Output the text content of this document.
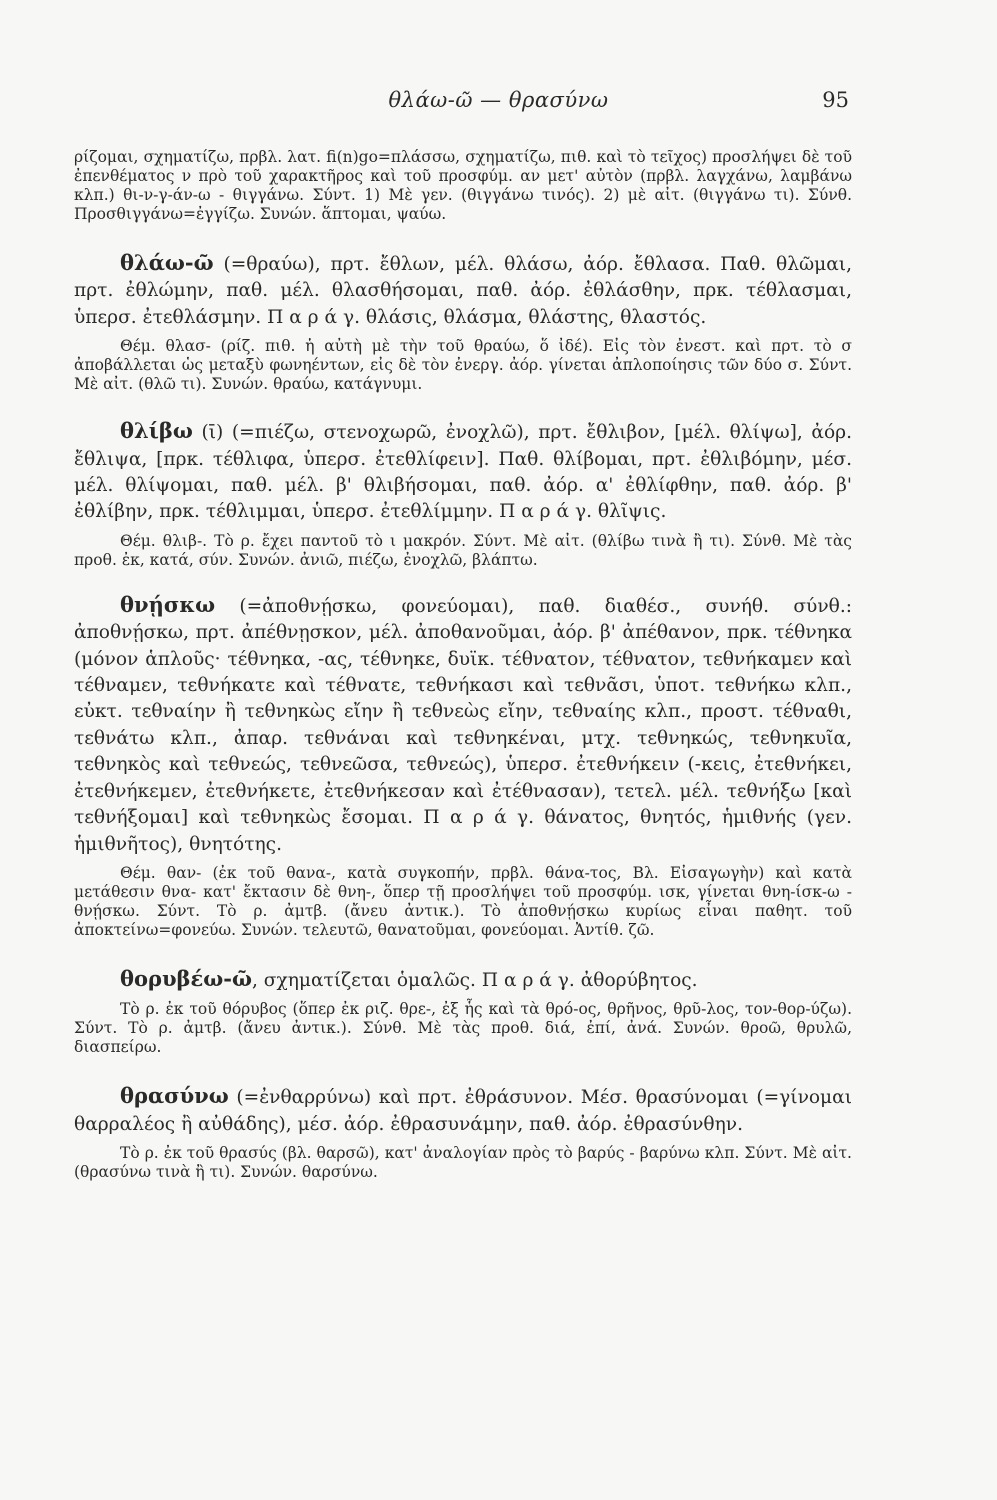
θλάω-ῶ — θρασύνω	95

ρίζομαι, σχηματίζω, πρβλ. λατ. fi(n)go=πλάσσω, σχηματίζω, πιθ. καὶ τὸ τεῖχος) προσλήψει δὲ τοῦ ἐπενθέματος ν πρὸ τοῦ χαρακτῆρος καὶ τοῦ προσφύμ. αν μετ' αὐτὸν (πρβλ. λαγχάνω, λαμβάνω κλπ.) θι-ν-γ-άν-ω - θιγγάνω. Σύντ. 1) Μὲ γεν. (θιγγάνω τινός). 2) μὲ αἰτ. (θιγγάνω τι). Σύνθ. Προσθιγγάνω=ἐγγίζω. Συνών. ἅπτομαι, ψαύω.

θλάω-ῶ (=θραύω), πρτ. ἔθλων, μέλ. θλάσω, ἀόρ. ἔθλασα. Παθ. θλῶμαι, πρτ. ἐθλώμην, παθ. μέλ. θλασθήσομαι, παθ. ἀόρ. ἐθλάσθην, πρκ. τέθλασμαι, ὑπερσ. ἐτεθλάσμην. Π α ρ ά γ. θλάσις, θλάσμα, θλάστης, θλαστός.

Θέμ. θλασ- (ρίζ. πιθ. ἡ αὐτὴ μὲ τὴν τοῦ θραύω, ὅ ἰδέ). Εἰς τὸν ἐνεστ. καὶ πρτ. τὸ σ ἀποβάλλεται ὡς μεταξὺ φωνηέντων, εἰς δὲ τὸν ἐνεργ. ἀόρ. γίνεται ἀπλοποίησις τῶν δύο σ. Σύντ. Μὲ αἰτ. (θλῶ τι). Συνών. θραύω, κατάγνυμι.

θλίβω (ῑ) (=πιέζω, στενοχωρῶ, ἐνοχλῶ), πρτ. ἔθλιβον, [μέλ. θλίψω], ἀόρ. ἔθλιψα, [πρκ. τέθλιφα, ὑπερσ. ἐτεθλίφειν]. Παθ. θλίβομαι, πρτ. ἐθλιβόμην, μέσ. μέλ. θλίψομαι, παθ. μέλ. β' θλιβήσομαι, παθ. ἀόρ. α' ἐθλίφθην, παθ. ἀόρ. β' ἐθλίβην, πρκ. τέθλιμμαι, ὑπερσ. ἐτεθλίμμην. Π α ρ ά γ. θλῖψις.

Θέμ. θλιβ-. Τὸ ρ. ἔχει παντοῦ τὸ ι μακρόν. Σύντ. Μὲ αἰτ. (θλίβω τινὰ ἢ τι). Σύνθ. Μὲ τὰς προθ. ἐκ, κατά, σύν. Συνών. ἀνιῶ, πιέζω, ἐνοχλῶ, βλάπτω.

θνῄσκω (=ἀποθνῄσκω, φονεύομαι), παθ. διαθέσ., συνήθ. σύνθ.: ἀποθνῄσκω, πρτ. ἀπέθνῃσκον, μέλ. ἀποθανοῦμαι, ἀόρ. β' ἀπέθανον, πρκ. τέθνηκα (μόνον ἁπλοῦς· τέθνηκα, -ας, τέθνηκε, δυϊκ. τέθνατον, τέθνατον, τεθνήκαμεν καὶ τέθναμεν, τεθνήκατε καὶ τέθνατε, τεθνήκασι καὶ τεθνᾶσι, ὑποτ. τεθνήκω κλπ., εὐκτ. τεθναίην ἢ τεθνηκὼς εἴην ἢ τεθνεὼς εἴην, τεθναίης κλπ., προστ. τέθναθι, τεθνάτω κλπ., ἀπαρ. τεθνάναι καὶ τεθνηκέναι, μτχ. τεθνηκώς, τεθνηκυῖα, τεθνηκὸς καὶ τεθνεώς, τεθνεῶσα, τεθνεώς), ὑπερσ. ἐτεθνήκειν (-κεις, ἐτεθνήκει, ἐτεθνήκεμεν, ἐτεθνήκετε, ἐτεθνήκεσαν καὶ ἐτέθνασαν), τετελ. μέλ. τεθνήξω [καὶ τεθνήξομαι] καὶ τεθνηκὼς ἔσομαι. Π α ρ ά γ. θάνατος, θνητός, ἡμιθνής (γεν. ἡμιθνῆτος), θνητότης.

Θέμ. θαν- (ἐκ τοῦ θανα-, κατὰ συγκοπήν, πρβλ. θάνα-τος, Βλ. Εἰσαγωγὴν) καὶ κατὰ μετάθεσιν θνα- κατ' ἔκτασιν δὲ θνη-, ὅπερ τῇ προσλήψει τοῦ προσφύμ. ισκ, γίνεται θνη-ίσκ-ω - θνῄσκω. Σύντ. Τὸ ρ. ἀμτβ. (ἄνευ ἀντικ.). Τὸ ἀποθνῄσκω κυρίως εἶναι παθητ. τοῦ ἀποκτείνω=φονεύω. Συνών. τελευτῶ, θανατοῦμαι, φονεύομαι. Ἀντίθ. ζῶ.

θορυβέω-ῶ, σχηματίζεται ὁμαλῶς. Π α ρ ά γ. ἀθορύβητος.

Τὸ ρ. ἐκ τοῦ θόρυβος (ὅπερ ἐκ ριζ. θρε-, ἐξ ἧς καὶ τὰ θρό-ος, θρῆνος, θρῦ-λος, τον-θορ-ύζω). Σύντ. Τὸ ρ. ἀμτβ. (ἄνευ ἀντικ.). Σύνθ. Μὲ τὰς προθ. διά, ἐπί, ἀνά. Συνών. θροῶ, θρυλῶ, διασπείρω.

θρασύνω (=ἐνθαρρύνω) καὶ πρτ. ἐθράσυνον. Μέσ. θρασύνομαι (=γίνομαι θαρραλέος ἢ αὐθάδης), μέσ. ἀόρ. ἐθρασυνάμην, παθ. ἀόρ. ἐθρασύνθην.

Τὸ ρ. ἐκ τοῦ θρασύς (βλ. θαρσῶ), κατ' ἀναλογίαν πρὸς τὸ βαρύς - βαρύνω κλπ. Σύντ. Μὲ αἰτ. (θρασύνω τινὰ ἢ τι). Συνών. θαρσύνω.
